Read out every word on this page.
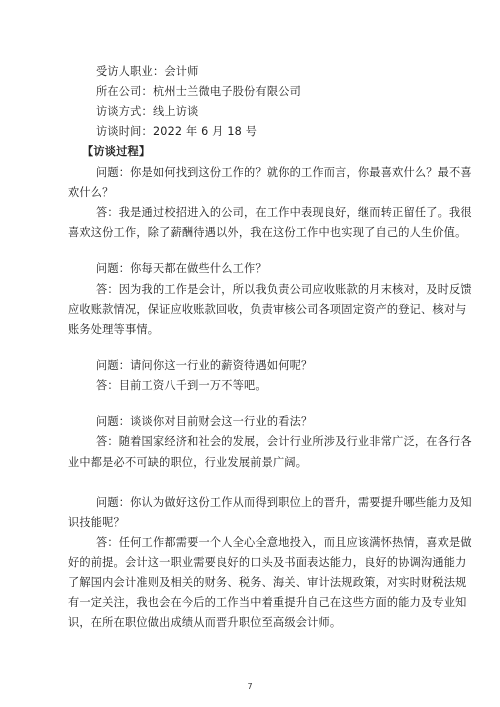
受访人职业：会计师
所在公司：杭州士兰微电子股份有限公司
访谈方式：线上访谈
访谈时间：2022 年 6 月 18 号
【访谈过程】
问题：你是如何找到这份工作的？就你的工作而言，你最喜欢什么？最不喜
欢什么？
答：我是通过校招进入的公司，在工作中表现良好，继而转正留任了。我很
喜欢这份工作，除了薪酬待遇以外，我在这份工作中也实现了自己的人生价值。
问题：你每天都在做些什么工作？
答：因为我的工作是会计，所以我负责公司应收账款的月末核对，及时反馈
应收账款情况，保证应收账款回收，负责审核公司各项固定资产的登记、核对与
账务处理等事情。
问题：请问你这一行业的薪资待遇如何呢？
答：目前工资八千到一万不等吧。
问题：谈谈你对目前财会这一行业的看法？
答：随着国家经济和社会的发展，会计行业所涉及行业非常广泛，在各行各
业中都是必不可缺的职位，行业发展前景广阔。
问题：你认为做好这份工作从而得到职位上的晋升，需要提升哪些能力及知
识技能呢？
答：任何工作都需要一个人全心全意地投入，而且应该满怀热情，喜欢是做
好的前提。会计这一职业需要良好的口头及书面表达能力，良好的协调沟通能力
了解国内会计准则及相关的财务、税务、海关、审计法规政策，对实时财税法规
有一定关注，我也会在今后的工作当中着重提升自己在这些方面的能力及专业知
识，在所在职位做出成绩从而晋升职位至高级会计师。
7
